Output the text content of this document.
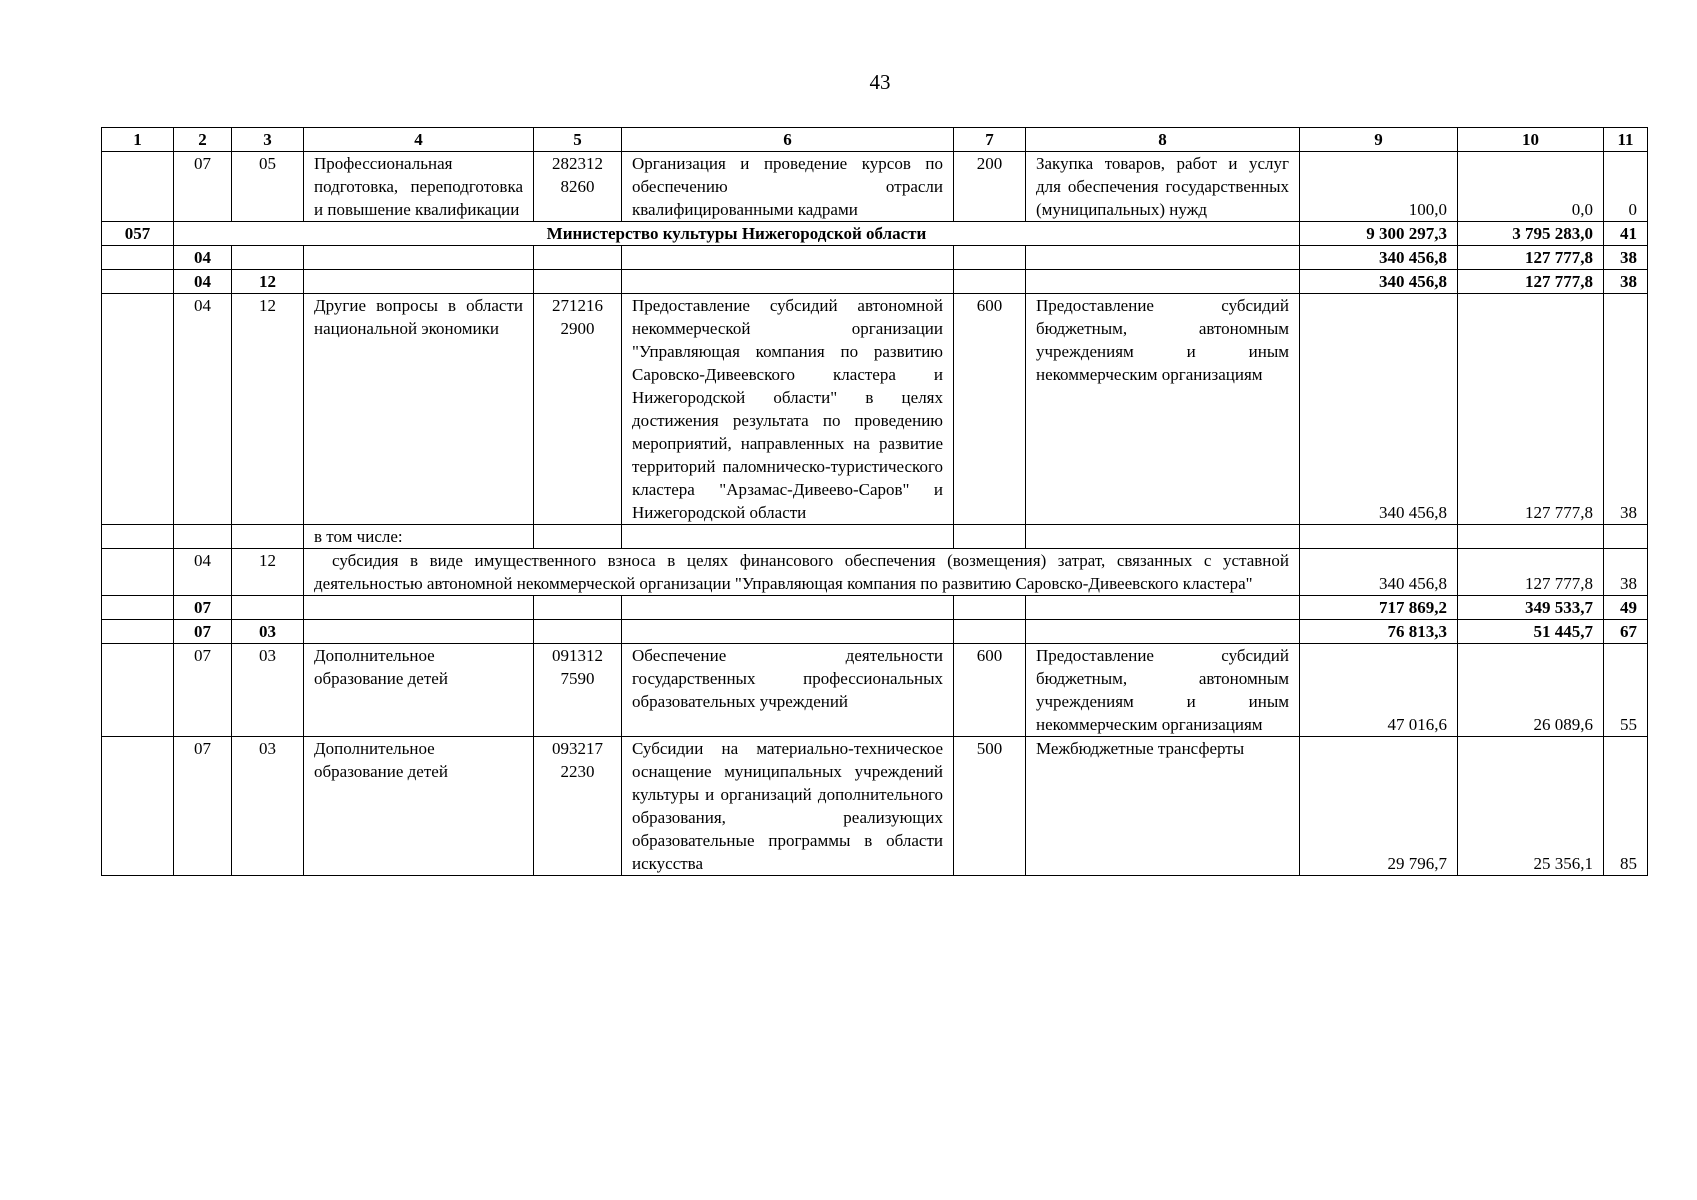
43
1	2	3	4	5	6	7	8	9	10	11
	07	05	Профессиональная подготовка, переподготовка и повышение квалификации	282312 8260	Организация и проведение курсов по обеспечению отрасли квалифицированными кадрами	200	Закупка товаров, работ и услуг для обеспечения государственных (муниципальных) нужд	100,0	0,0	0
057	Министерство культуры Нижегородской области							9 300 297,3	3 795 283,0	41
	04							340 456,8	127 777,8	38
	04	12						340 456,8	127 777,8	38
	04	12	Другие вопросы в области национальной экономики	271216 2900	Предоставление субсидий автономной некоммерческой организации "Управляющая компания по развитию Саровско-Дивеевского кластера и Нижегородской области" в целях достижения результата по проведению мероприятий, направленных на развитие территорий паломническо-туристического кластера "Арзамас-Дивеево-Саров" и Нижегородской области	600	Предоставление субсидий бюджетным, автономным учреждениям и иным некоммерческим организациям	340 456,8	127 777,8	38
			в том числе:							
	04	12	субсидия в виде имущественного взноса в целях финансового обеспечения (возмещения) затрат, связанных с уставной деятельностью автономной некоммерческой организации "Управляющая компания по развитию Саровско-Дивеевского кластера"					340 456,8	127 777,8	38
	07							717 869,2	349 533,7	49
	07	03						76 813,3	51 445,7	67
	07	03	Дополнительное образование детей	091312 7590	Обеспечение деятельности государственных профессиональных образовательных учреждений	600	Предоставление субсидий бюджетным, автономным учреждениям и иным некоммерческим организациям	47 016,6	26 089,6	55
	07	03	Дополнительное образование детей	093217 2230	Субсидии на материально-техническое оснащение муниципальных учреждений культуры и организаций дополнительного образования, реализующих образовательные программы в области искусства	500	Межбюджетные трансферты	29 796,7	25 356,1	85
